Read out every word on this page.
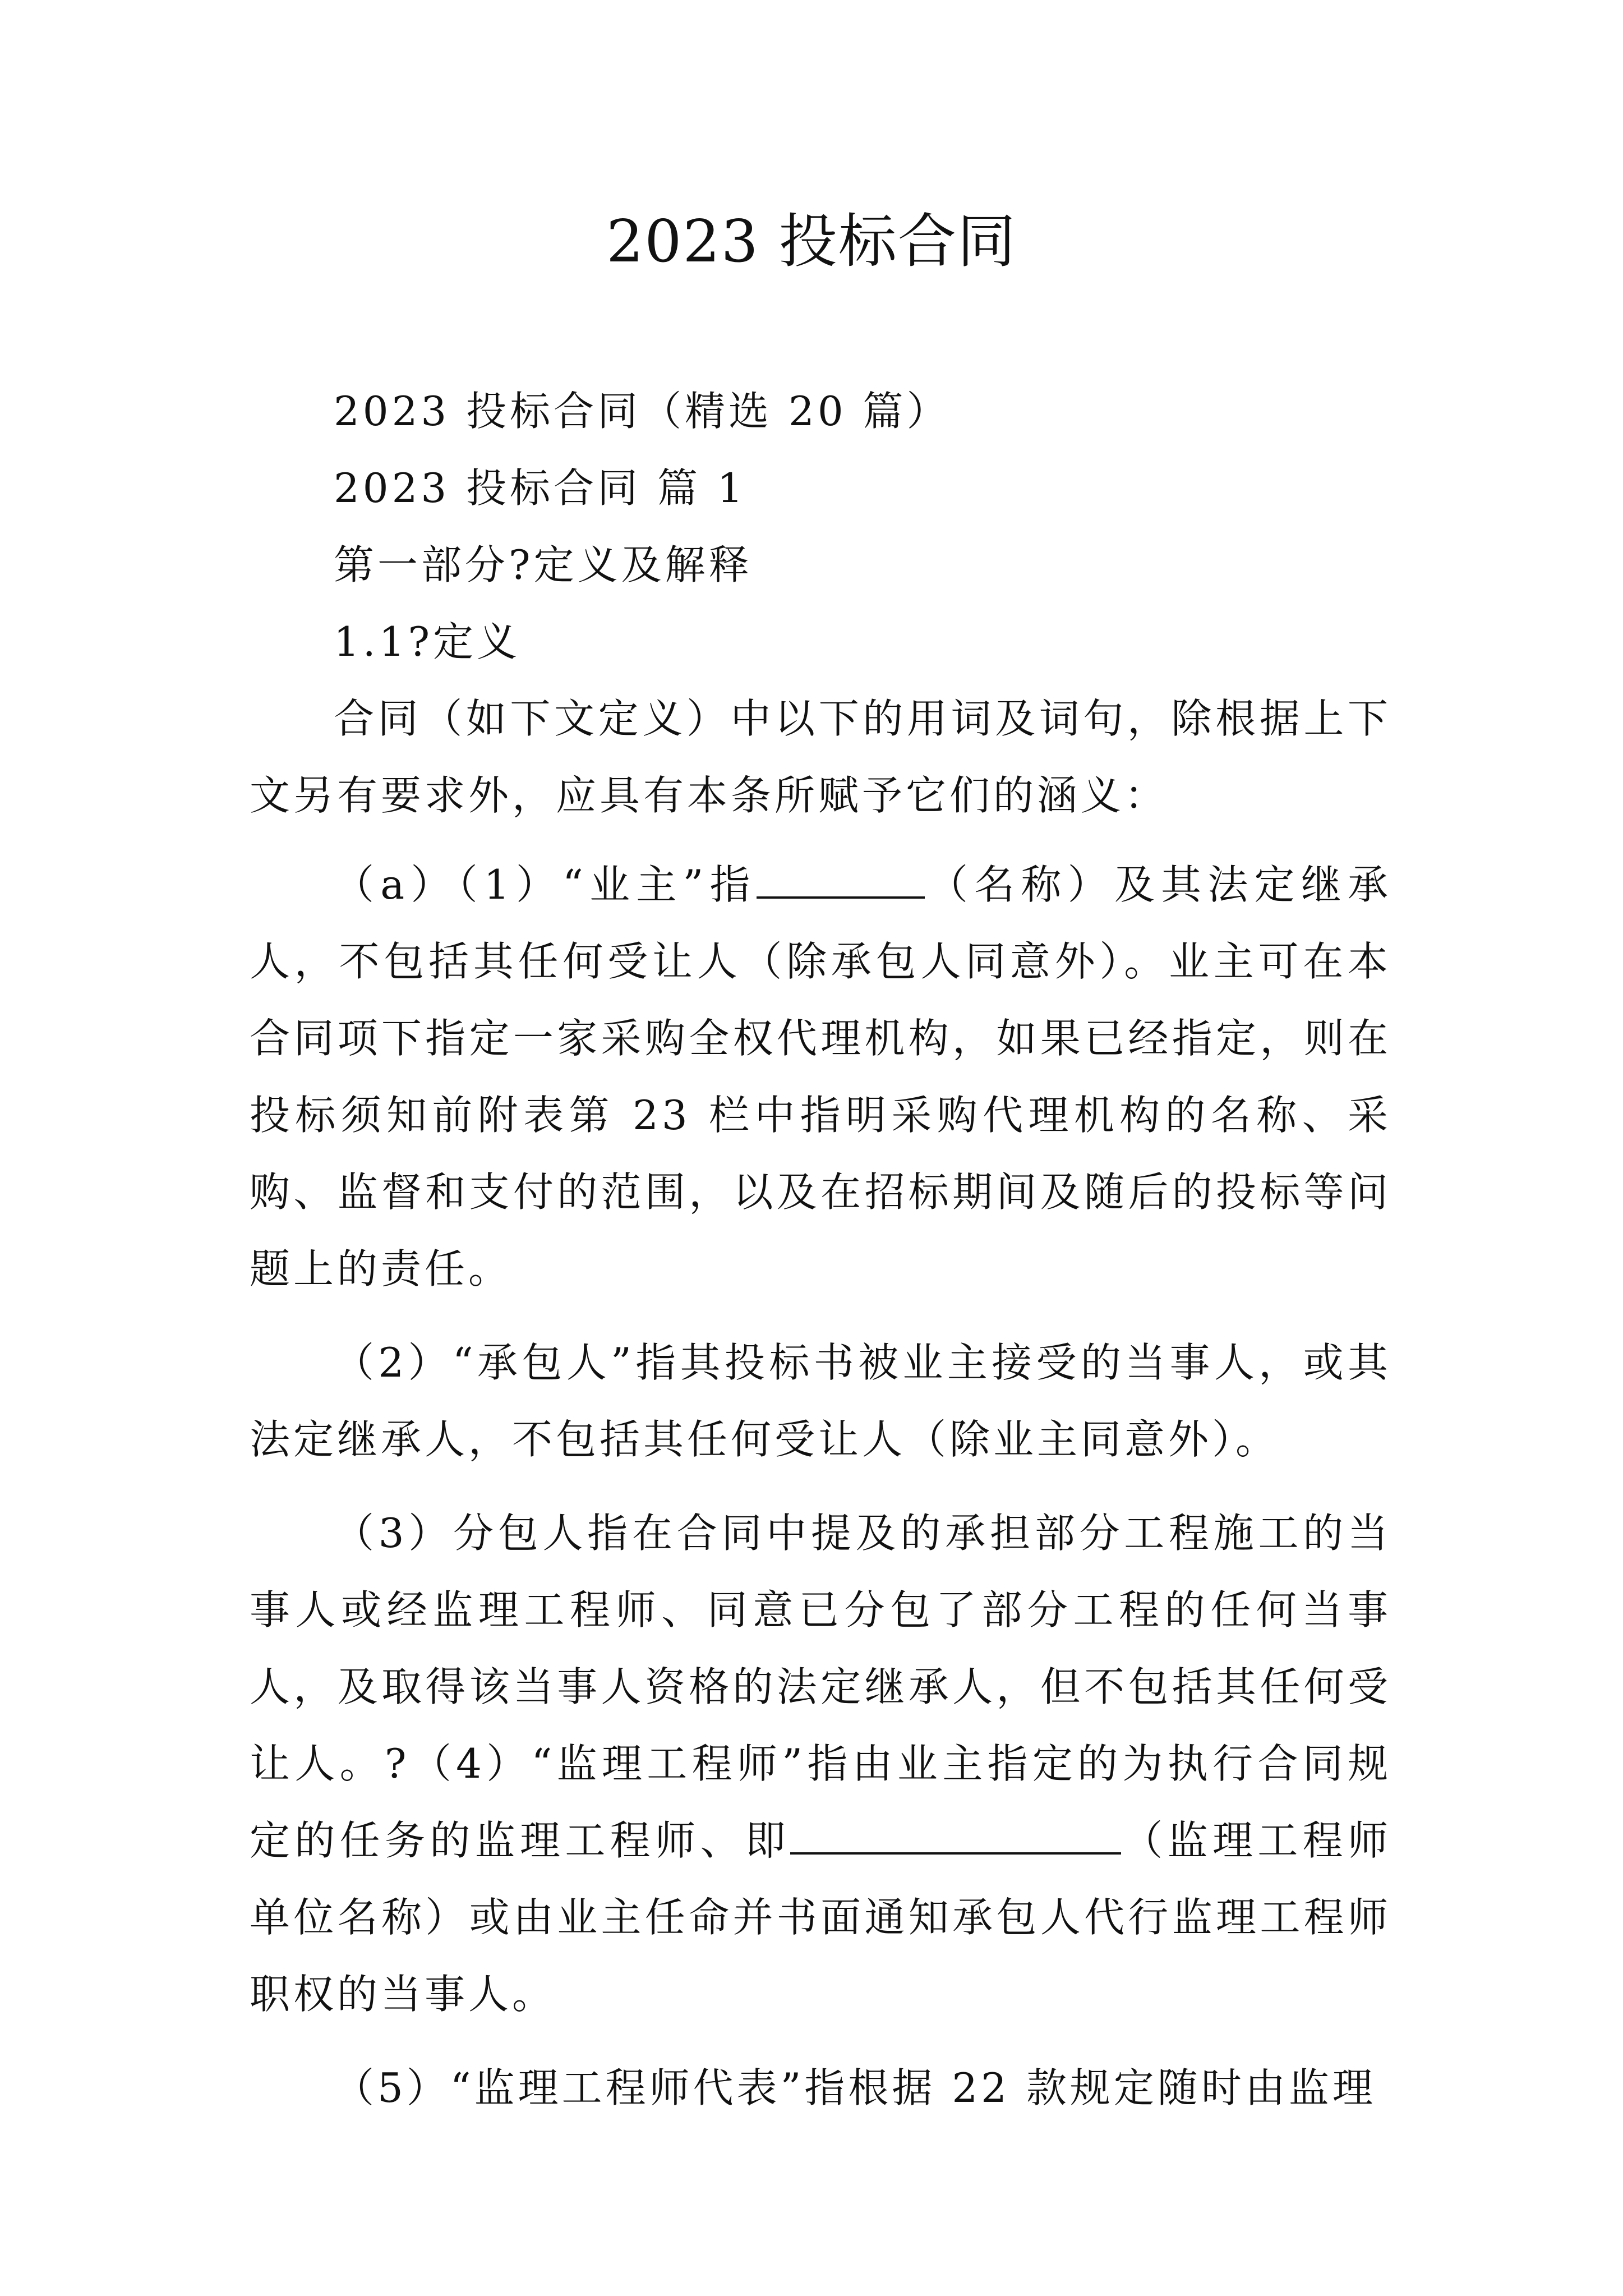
2023 投标合同

2023 投标合同（精选 20 篇）

2023 投标合同 篇 1

第一部分?定义及解释

1.1?定义

合同（如下文定义）中以下的用词及词句，除根据上下文另有要求外，应具有本条所赋予它们的涵义：

（a）（1）“业主”指	（名称）及其法定继承人，不包括其任何受让人（除承包人同意外）。业主可在本合同项下指定一家采购全权代理机构，如果已经指定，则在投标须知前附表第 23 栏中指明采购代理机构的名称、采购、监督和支付的范围，以及在招标期间及随后的投标等问题上的责任。

（2）“承包人”指其投标书被业主接受的当事人，或其法定继承人，不包括其任何受让人（除业主同意外）。

（3）分包人指在合同中提及的承担部分工程施工的当事人或经监理工程师、同意已分包了部分工程的任何当事人，及取得该当事人资格的法定继承人，但不包括其任何受让人。?（4）“监理工程师”指由业主指定的为执行合同规定的任务的监理工程师、即	（监理工程师单位名称）或由业主任命并书面通知承包人代行监理工程师职权的当事人。

（5）“监理工程师代表”指根据 22 款规定随时由监理
